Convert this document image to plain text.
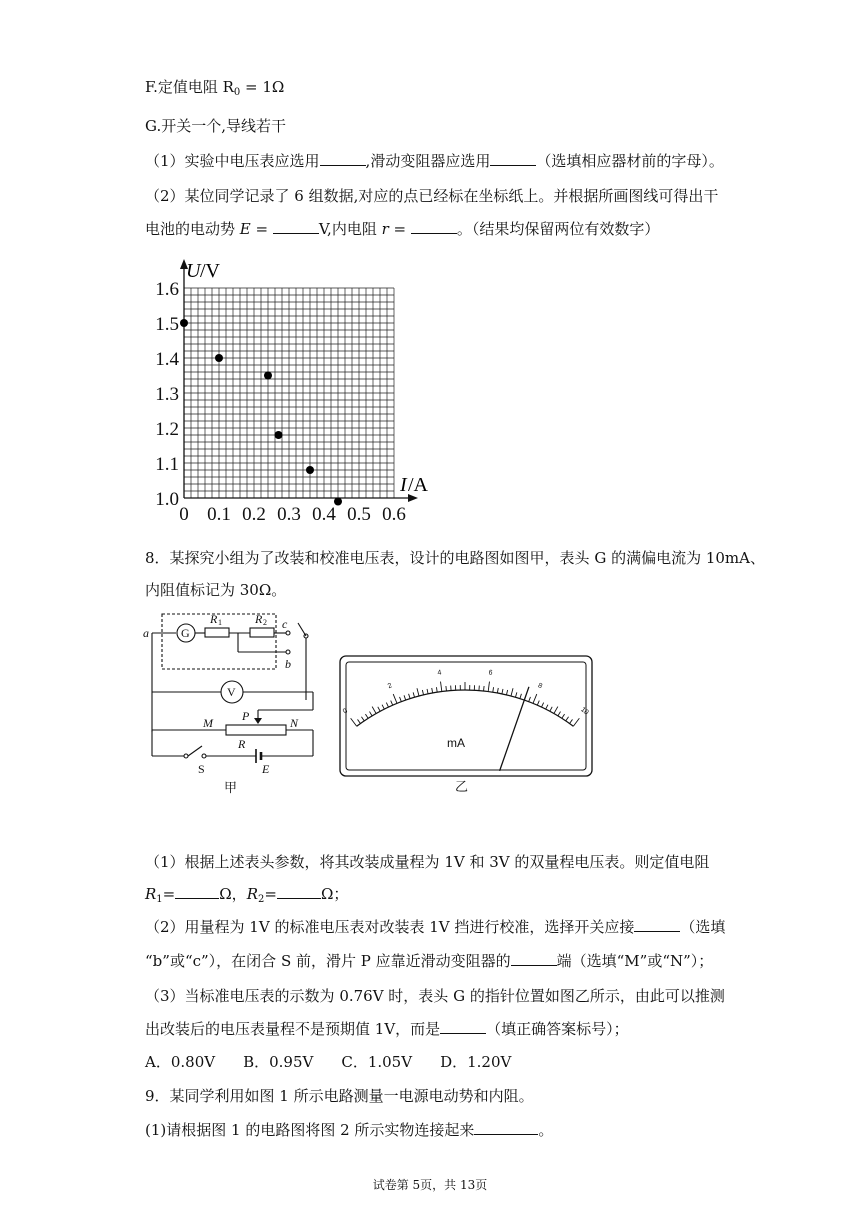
F.定值电阻 $R_0 = 1\Omega$
G.开关一个,导线若干
（1）实验中电压表应选用	,滑动变阻器应选用	（选填相应器材前的字母）。
（2）某位同学记录了 6 组数据,对应的点已经标在坐标纸上。并根据所画图线可得出干
电池的电动势 E =	V,内电阻 r =	。（结果均保留两位有效数字）
0 0.1 0.2 0.3 0.4 0.5 0.6
1.0
1.1
1.2
1.3
1.4
1.5
1.6
U /V
I /A
8．某探究小组为了改装和校准电压表，设计的电路图如图甲，表头 G 的满偏电流为 10mA、
内阻值标记为 30Ω。
a	G
R 1	R 2 c
b
V
M P	N
R
S	E
甲
0
2
4	6
8
10
mA
乙
（1）根据上述表头参数，将其改装成量程为 1V 和 3V 的双量程电压表。则定值电阻
$R_1=$	Ω，$R_2=$	Ω；
（2）用量程为 1V 的标准电压表对改装表 1V 挡进行校准，选择开关应接	（选填
“b”或“c”），在闭合 S 前，滑片 P 应靠近滑动变阻器的	端（选填“M”或“N”）；
（3）当标准电压表的示数为 0.76V 时，表头 G 的指针位置如图乙所示，由此可以推测
出改装后的电压表量程不是预期值 1V，而是	（填正确答案标号）；
A．0.80V B．0.95V C．1.05V D．1.20V
9．某同学利用如图 1 所示电路测量一电源电动势和内阻。
(1)请根据图 1 的电路图将图 2 所示实物连接起来	。
试卷第 5页，共 13页
